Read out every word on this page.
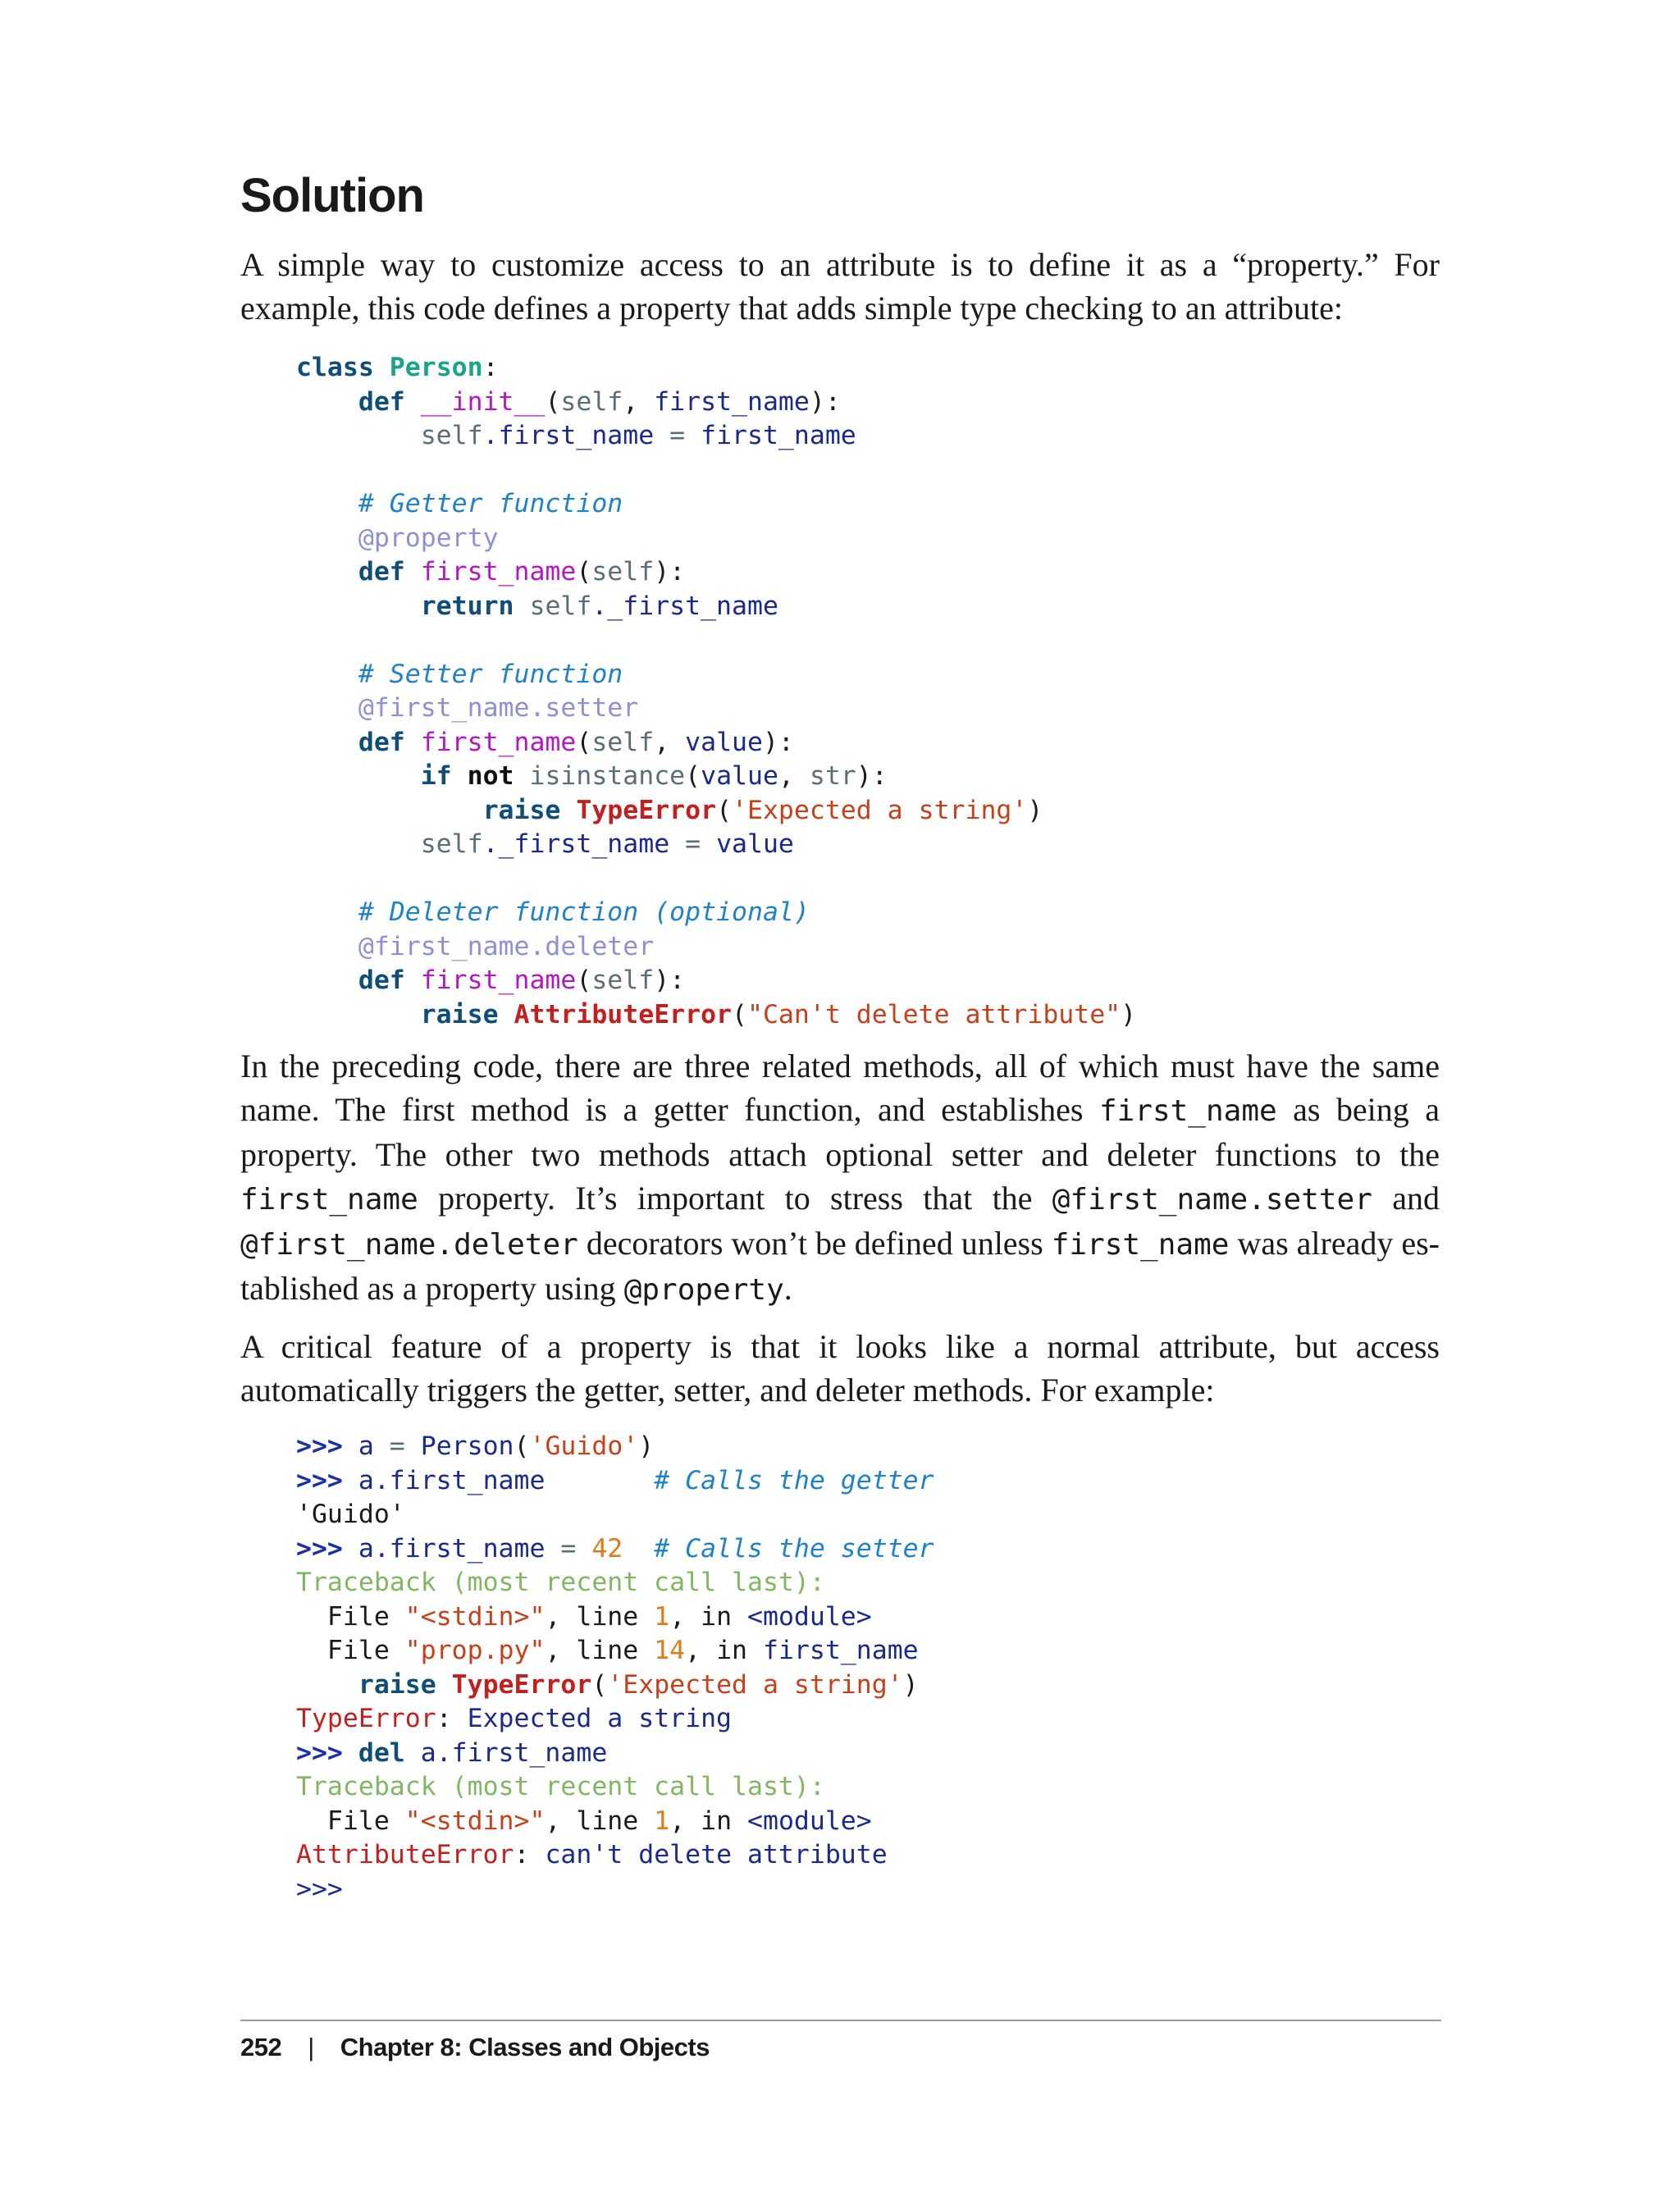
Solution
A simple way to customize access to an attribute is to define it as a “property.” For example, this code defines a property that adds simple type checking to an attribute:
class Person:
def __init__(self, first_name):
self.first_name = first_name

# Getter function
@property
def first_name(self):
return self._first_name

# Setter function
@first_name.setter
def first_name(self, value):
if not isinstance(value, str):
raise TypeError('Expected a string')
self._first_name = value

# Deleter function (optional)
@first_name.deleter
def first_name(self):
raise AttributeError("Can't delete attribute")
In the preceding code, there are three related methods, all of which must have the same name. The first method is a getter function, and establishes first_name as being a property. The other two methods attach optional setter and deleter functions to the first_name property. It’s important to stress that the @first_name.setter and @first_name.deleter decorators won’t be defined unless first_name was already established as a property using @property.
A critical feature of a property is that it looks like a normal attribute, but access automatically triggers the getter, setter, and deleter methods. For example:
>>> a = Person('Guido')
>>> a.first_name	# Calls the getter
'Guido'
>>> a.first_name = 42 # Calls the setter
Traceback (most recent call last):
File "<stdin>", line 1, in <module>
File "prop.py", line 14, in first_name
raise TypeError('Expected a string')
TypeError: Expected a string
>>> del a.first_name
Traceback (most recent call last):
File "<stdin>", line 1, in <module>
AttributeError: can't delete attribute
>>>
252 | Chapter 8: Classes and Objects
